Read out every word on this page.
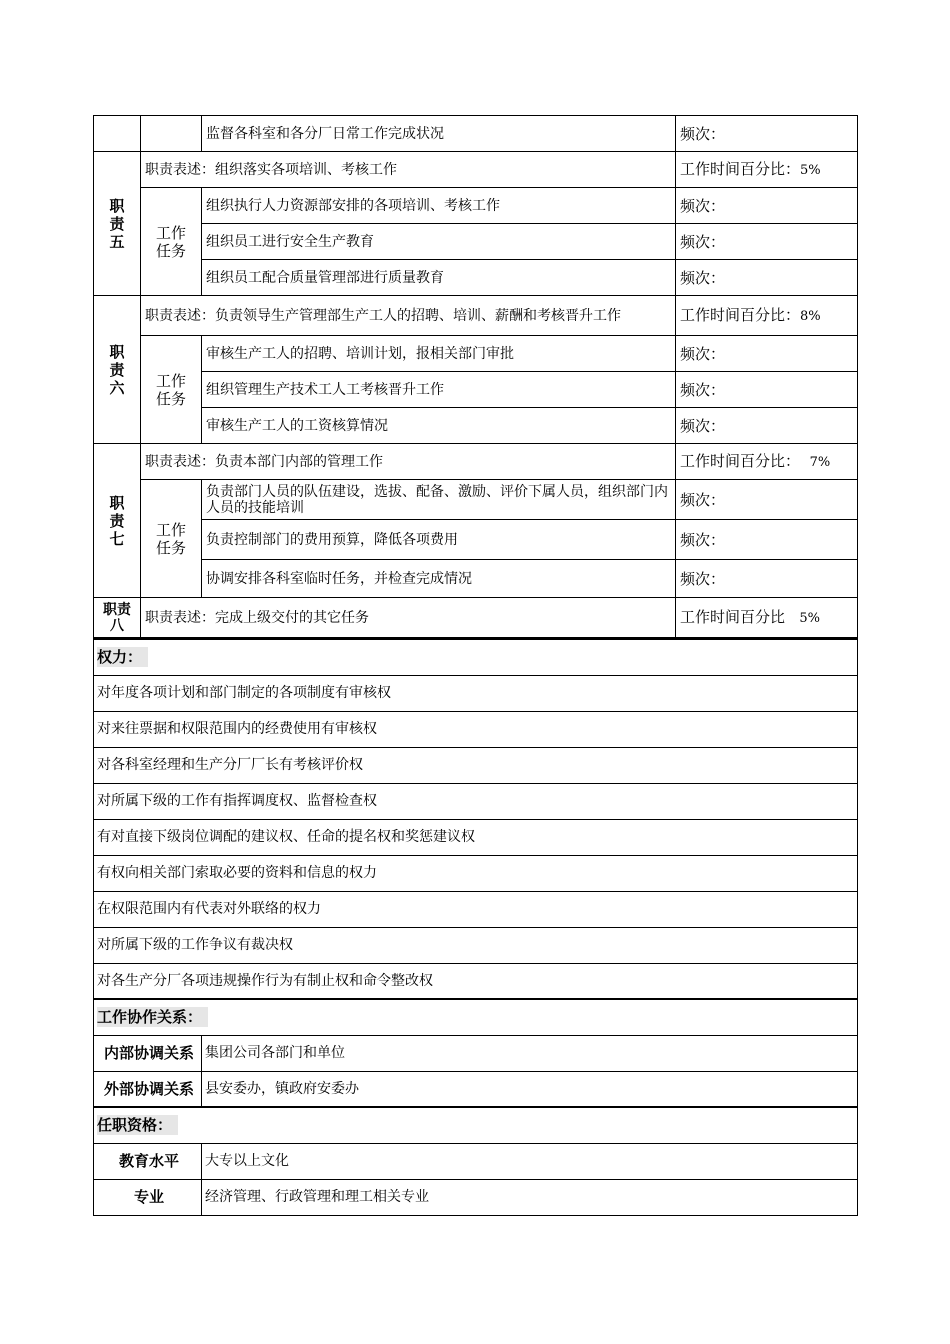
		监督各科室和各分厂日常工作完成状况	频次：
职责五	职责表述：组织落实各项培训、考核工作		工作时间百分比：5%
	工作任务	组织执行人力资源部安排的各项培训、考核工作	频次：
		组织员工进行安全生产教育	频次：
		组织员工配合质量管理部进行质量教育	频次：
职责六	职责表述：负责领导生产管理部生产工人的招聘、培训、薪酬和考核晋升工作		工作时间百分比：8%
	工作任务	审核生产工人的招聘、培训计划，报相关部门审批	频次：
		组织管理生产技术工人工考核晋升工作	频次：
		审核生产工人的工资核算情况	频次：
职责七	职责表述：负责本部门内部的管理工作		工作时间百分比： 7%
	工作任务	负责部门人员的队伍建设，选拔、配备、激励、评价下属人员，组织部门内人员的技能培训	频次：
		负责控制部门的费用预算，降低各项费用	频次：
		协调安排各科室临时任务，并检查完成情况	频次：
职责八	职责表述：完成上级交付的其它任务		工作时间百分比 5%
权力：	
对年度各项计划和部门制定的各项制度有审核权	
对来往票据和权限范围内的经费使用有审核权	
对各科室经理和生产分厂厂长有考核评价权	
对所属下级的工作有指挥调度权、监督检查权	
有对直接下级岗位调配的建议权、任命的提名权和奖惩建议权	
有权向相关部门索取必要的资料和信息的权力	
在权限范围内有代表对外联络的权力	
对所属下级的工作争议有裁决权	
对各生产分厂各项违规操作行为有制止权和命令整改权	
工作协作关系：	
内部协调关系	集团公司各部门和单位
外部协调关系	县安委办，镇政府安委办
任职资格：	
教育水平	大专以上文化
专业	经济管理、行政管理和理工相关专业
